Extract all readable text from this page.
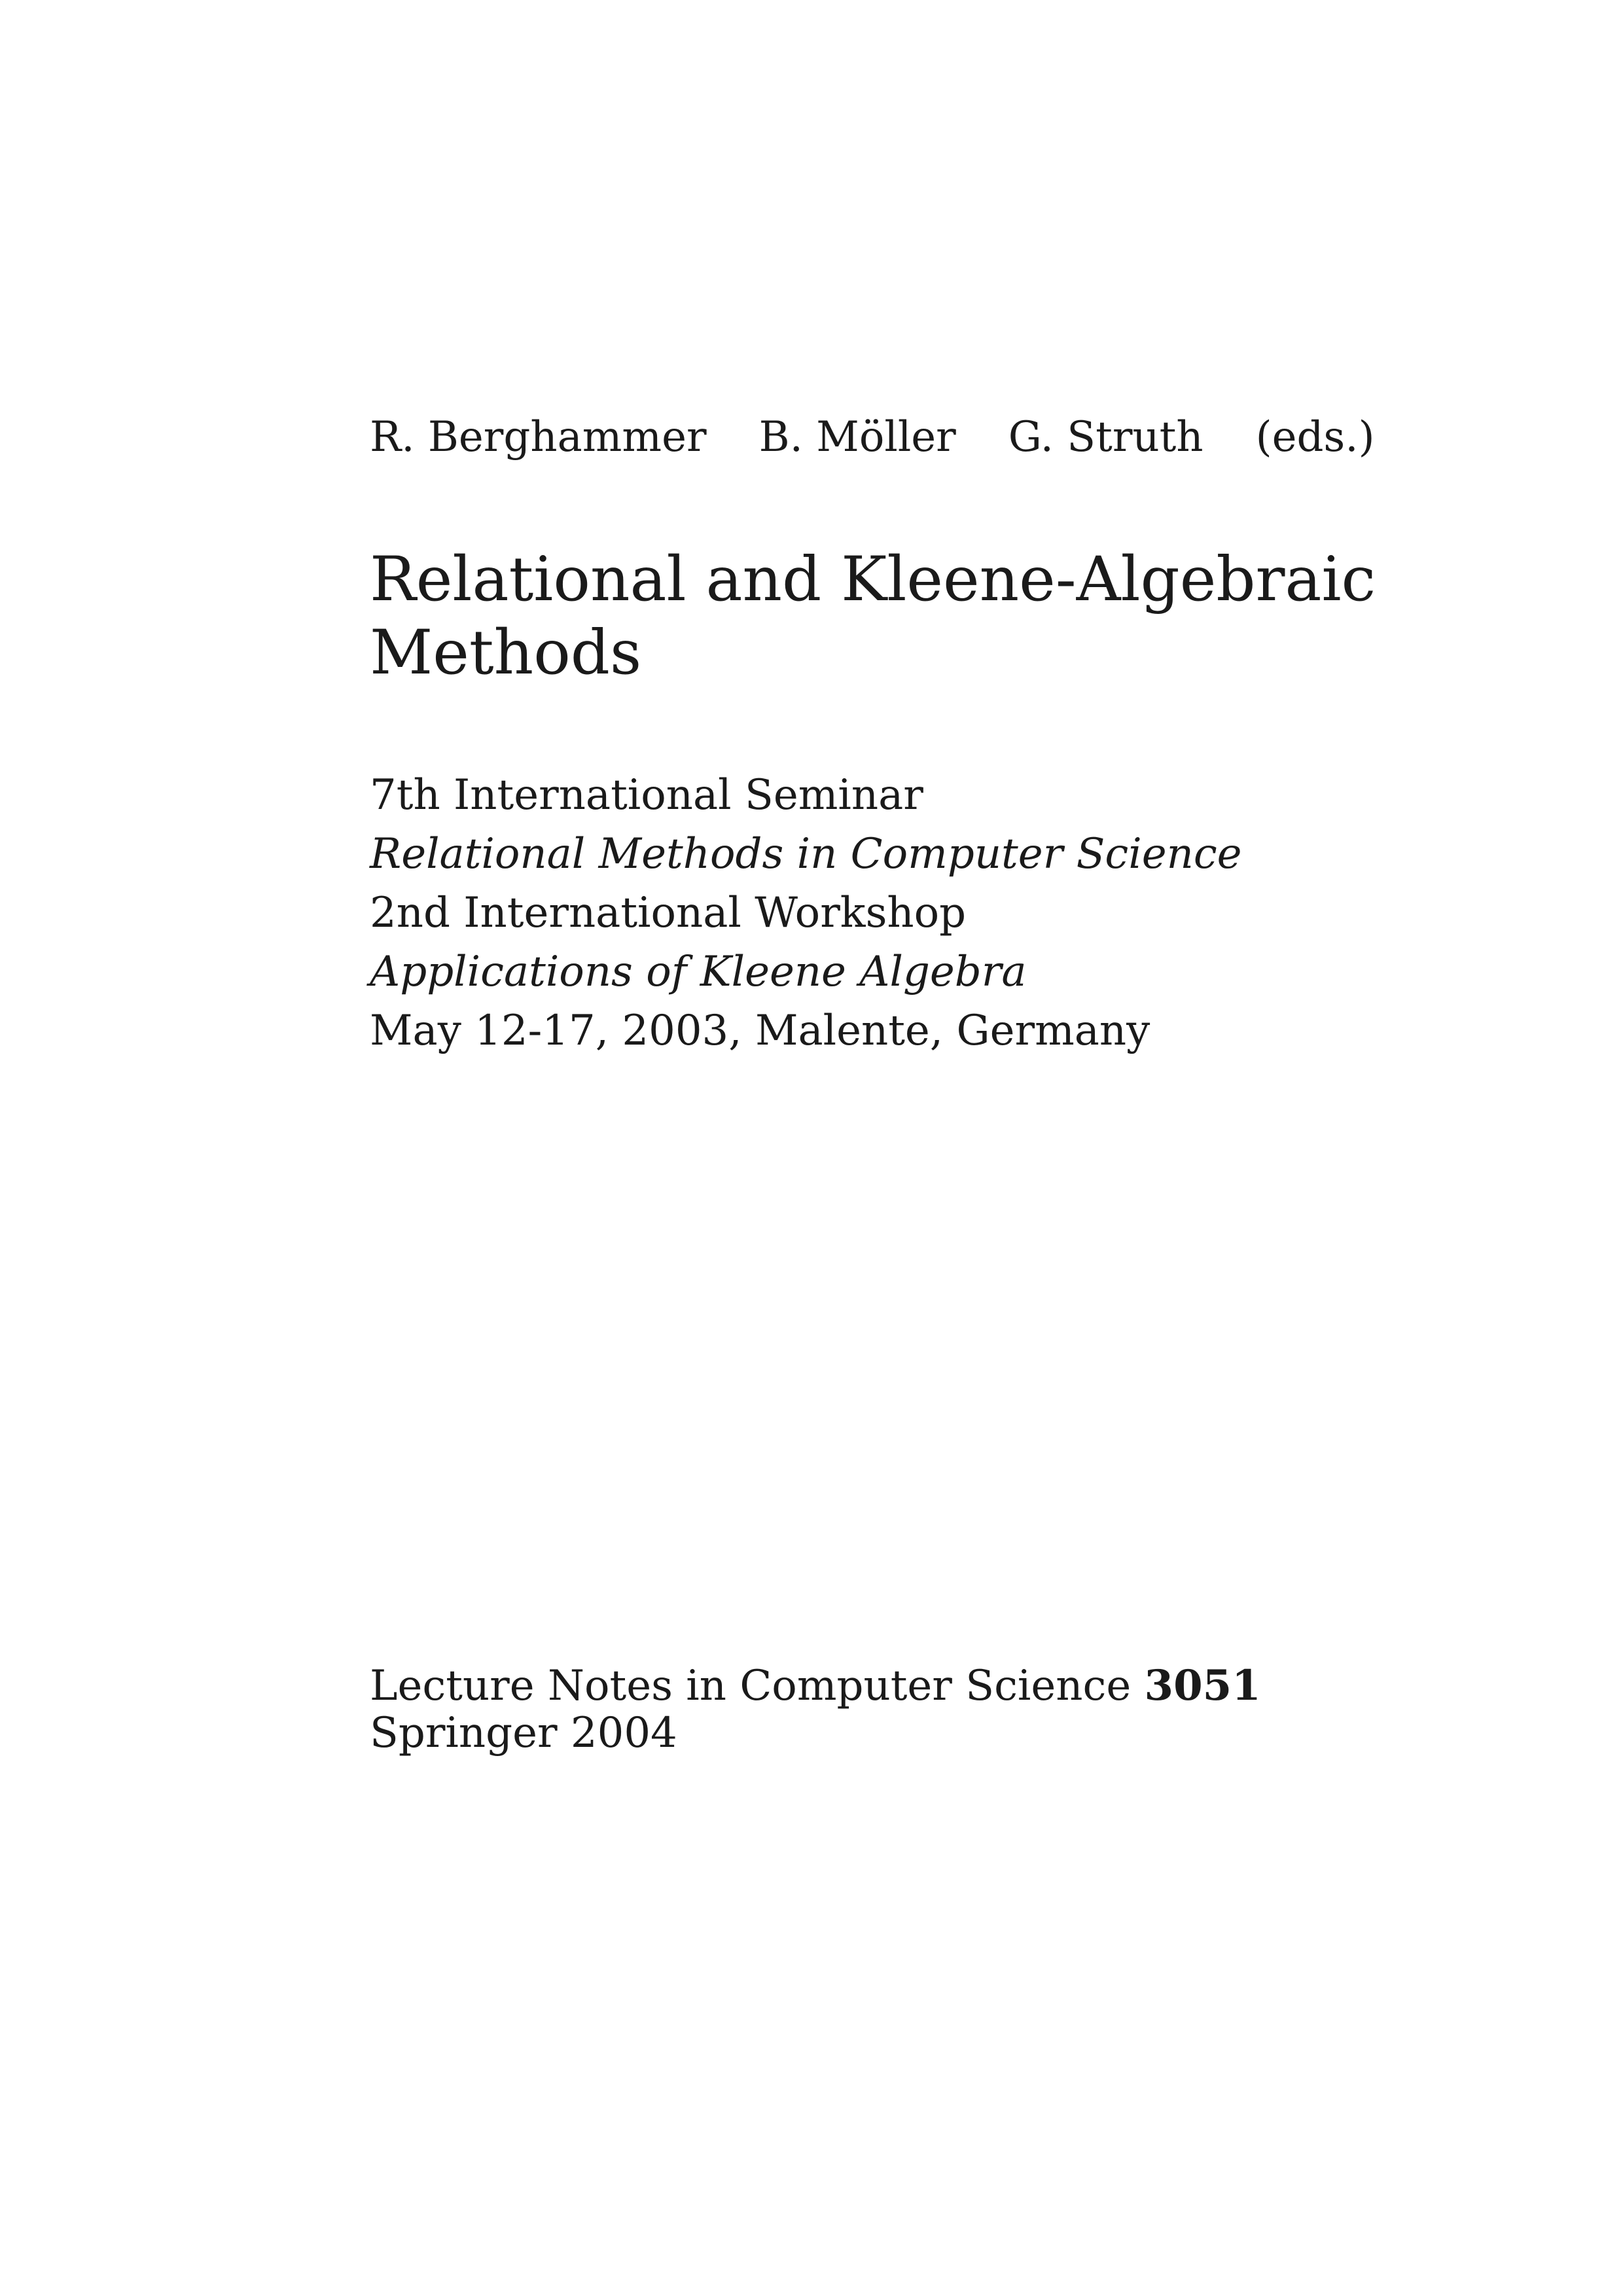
R. Berghammer B. Möller G. Struth (eds.)
Relational and Kleene-Algebraic
Methods
7th International Seminar
Relational Methods in Computer Science
2nd International Workshop
Applications of Kleene Algebra
May 12-17, 2003, Malente, Germany
Lecture Notes in Computer Science 3051
Springer 2004
